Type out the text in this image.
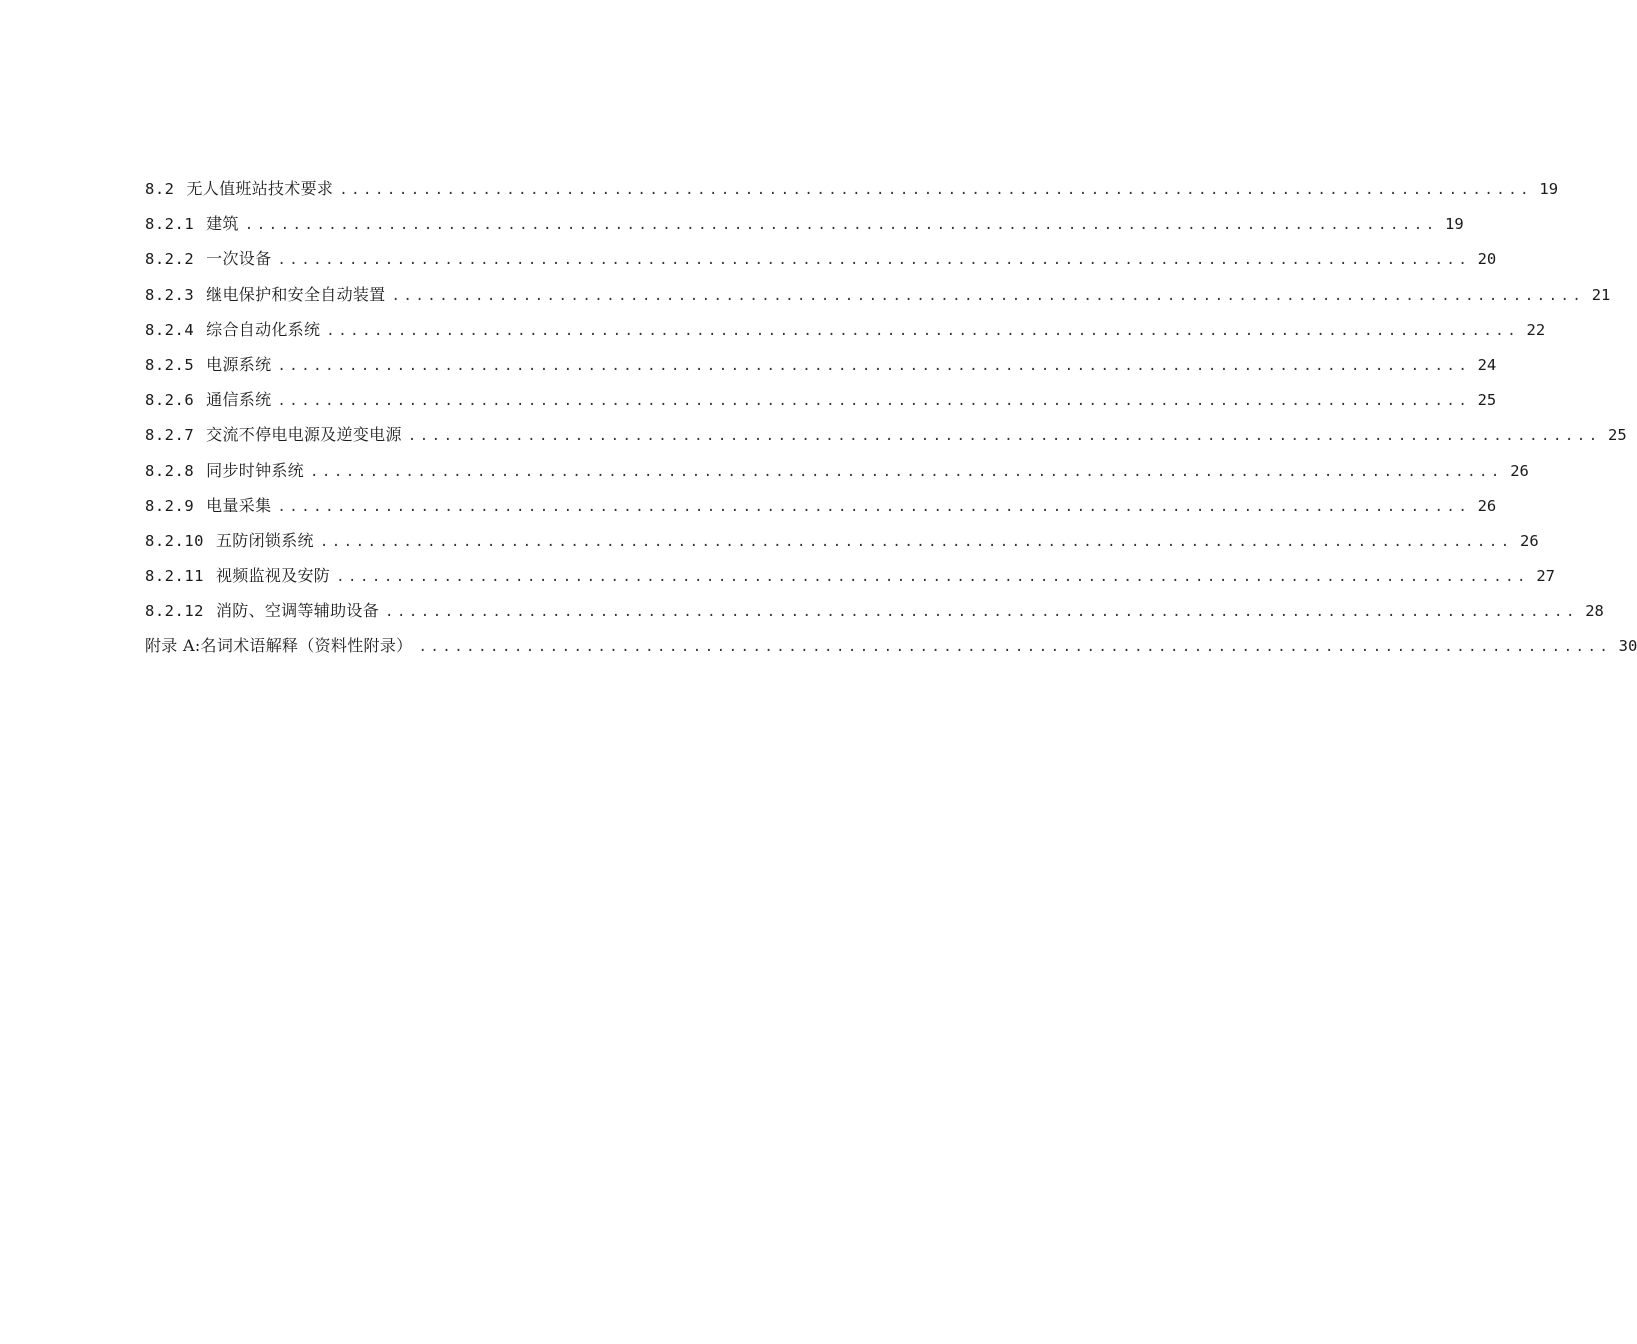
8.2 无人值班站技术要求 .................................................................................................... 19
8.2.1 建筑 .................................................................................................... 19
8.2.2 一次设备 .................................................................................................... 20
8.2.3 继电保护和安全自动装置 .................................................................................................... 21
8.2.4 综合自动化系统 .................................................................................................... 22
8.2.5 电源系统 .................................................................................................... 24
8.2.6 通信系统 .................................................................................................... 25
8.2.7 交流不停电电源及逆变电源 .................................................................................................... 25
8.2.8 同步时钟系统 .................................................................................................... 26
8.2.9 电量采集 .................................................................................................... 26
8.2.10 五防闭锁系统 .................................................................................................... 26
8.2.11 视频监视及安防 .................................................................................................... 27
8.2.12 消防、空调等辅助设备 .................................................................................................... 28
附录 A: 名词术语解释（资料性附录） .................................................................................................... 30
